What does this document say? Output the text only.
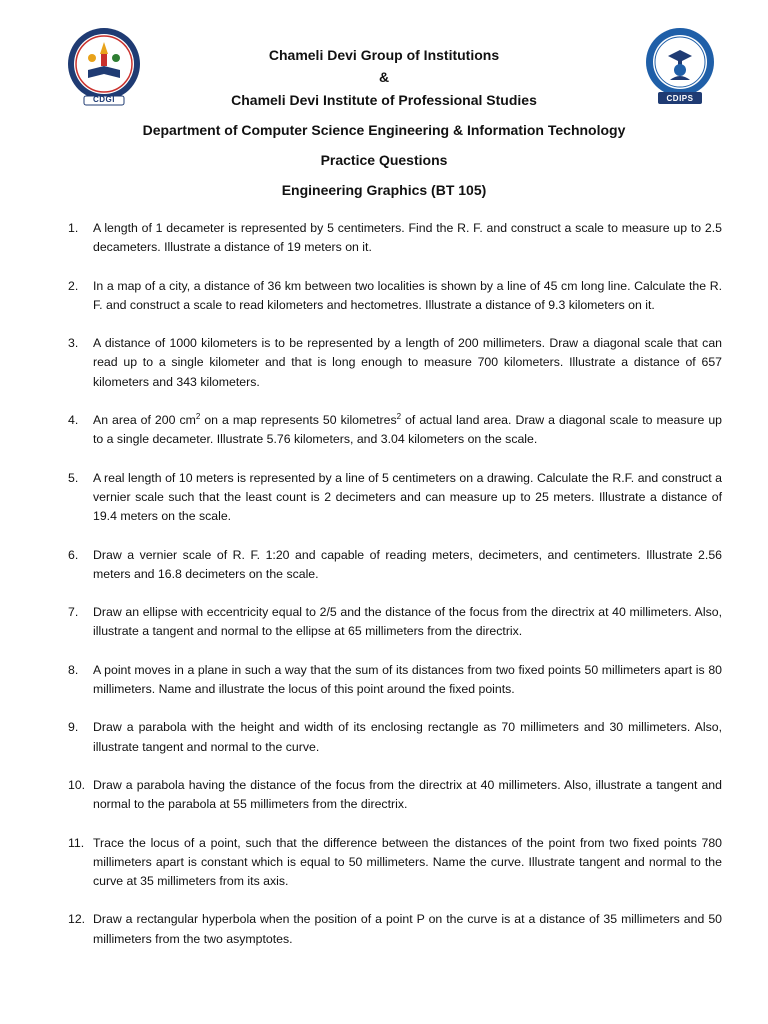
CDGI	CDIPS
Chameli Devi Group of Institutions
&
Chameli Devi Institute of Professional Studies
Department of Computer Science Engineering & Information Technology
Practice Questions
Engineering Graphics (BT 105)
1. A length of 1 decameter is represented by 5 centimeters. Find the R. F. and construct a scale to measure up to 2.5 decameters. Illustrate a distance of 19 meters on it.
2. In a map of a city, a distance of 36 km between two localities is shown by a line of 45 cm long line. Calculate the R. F. and construct a scale to read kilometers and hectometres. Illustrate a distance of 9.3 kilometers on it.
3. A distance of 1000 kilometers is to be represented by a length of 200 millimeters. Draw a diagonal scale that can read up to a single kilometer and that is long enough to measure 700 kilometers. Illustrate a distance of 657 kilometers and 343 kilometers.
4. An area of 200 $cm^2$ on a map represents 50 kilometres$^2$ of actual land area. Draw a diagonal scale to measure up to a single decameter. Illustrate 5.76 kilometers, and 3.04 kilometers on the scale.
5. A real length of 10 meters is represented by a line of 5 centimeters on a drawing. Calculate the R.F. and construct a vernier scale such that the least count is 2 decimeters and can measure up to 25 meters. Illustrate a distance of 19.4 meters on the scale.
6. Draw a vernier scale of R. F. 1:20 and capable of reading meters, decimeters, and centimeters. Illustrate 2.56 meters and 16.8 decimeters on the scale.
7. Draw an ellipse with eccentricity equal to 2/5 and the distance of the focus from the directrix at 40 millimeters. Also, illustrate a tangent and normal to the ellipse at 65 millimeters from the directrix.
8. A point moves in a plane in such a way that the sum of its distances from two fixed points 50 millimeters apart is 80 millimeters. Name and illustrate the locus of this point around the fixed points.
9. Draw a parabola with the height and width of its enclosing rectangle as 70 millimeters and 30 millimeters. Also, illustrate tangent and normal to the curve.
10. Draw a parabola having the distance of the focus from the directrix at 40 millimeters. Also, illustrate a tangent and normal to the parabola at 55 millimeters from the directrix.
11. Trace the locus of a point, such that the difference between the distances of the point from two fixed points 780 millimeters apart is constant which is equal to 50 millimeters. Name the curve. Illustrate tangent and normal to the curve at 35 millimeters from its axis.
12. Draw a rectangular hyperbola when the position of a point P on the curve is at a distance of 35 millimeters and 50 millimeters from the two asymptotes.
